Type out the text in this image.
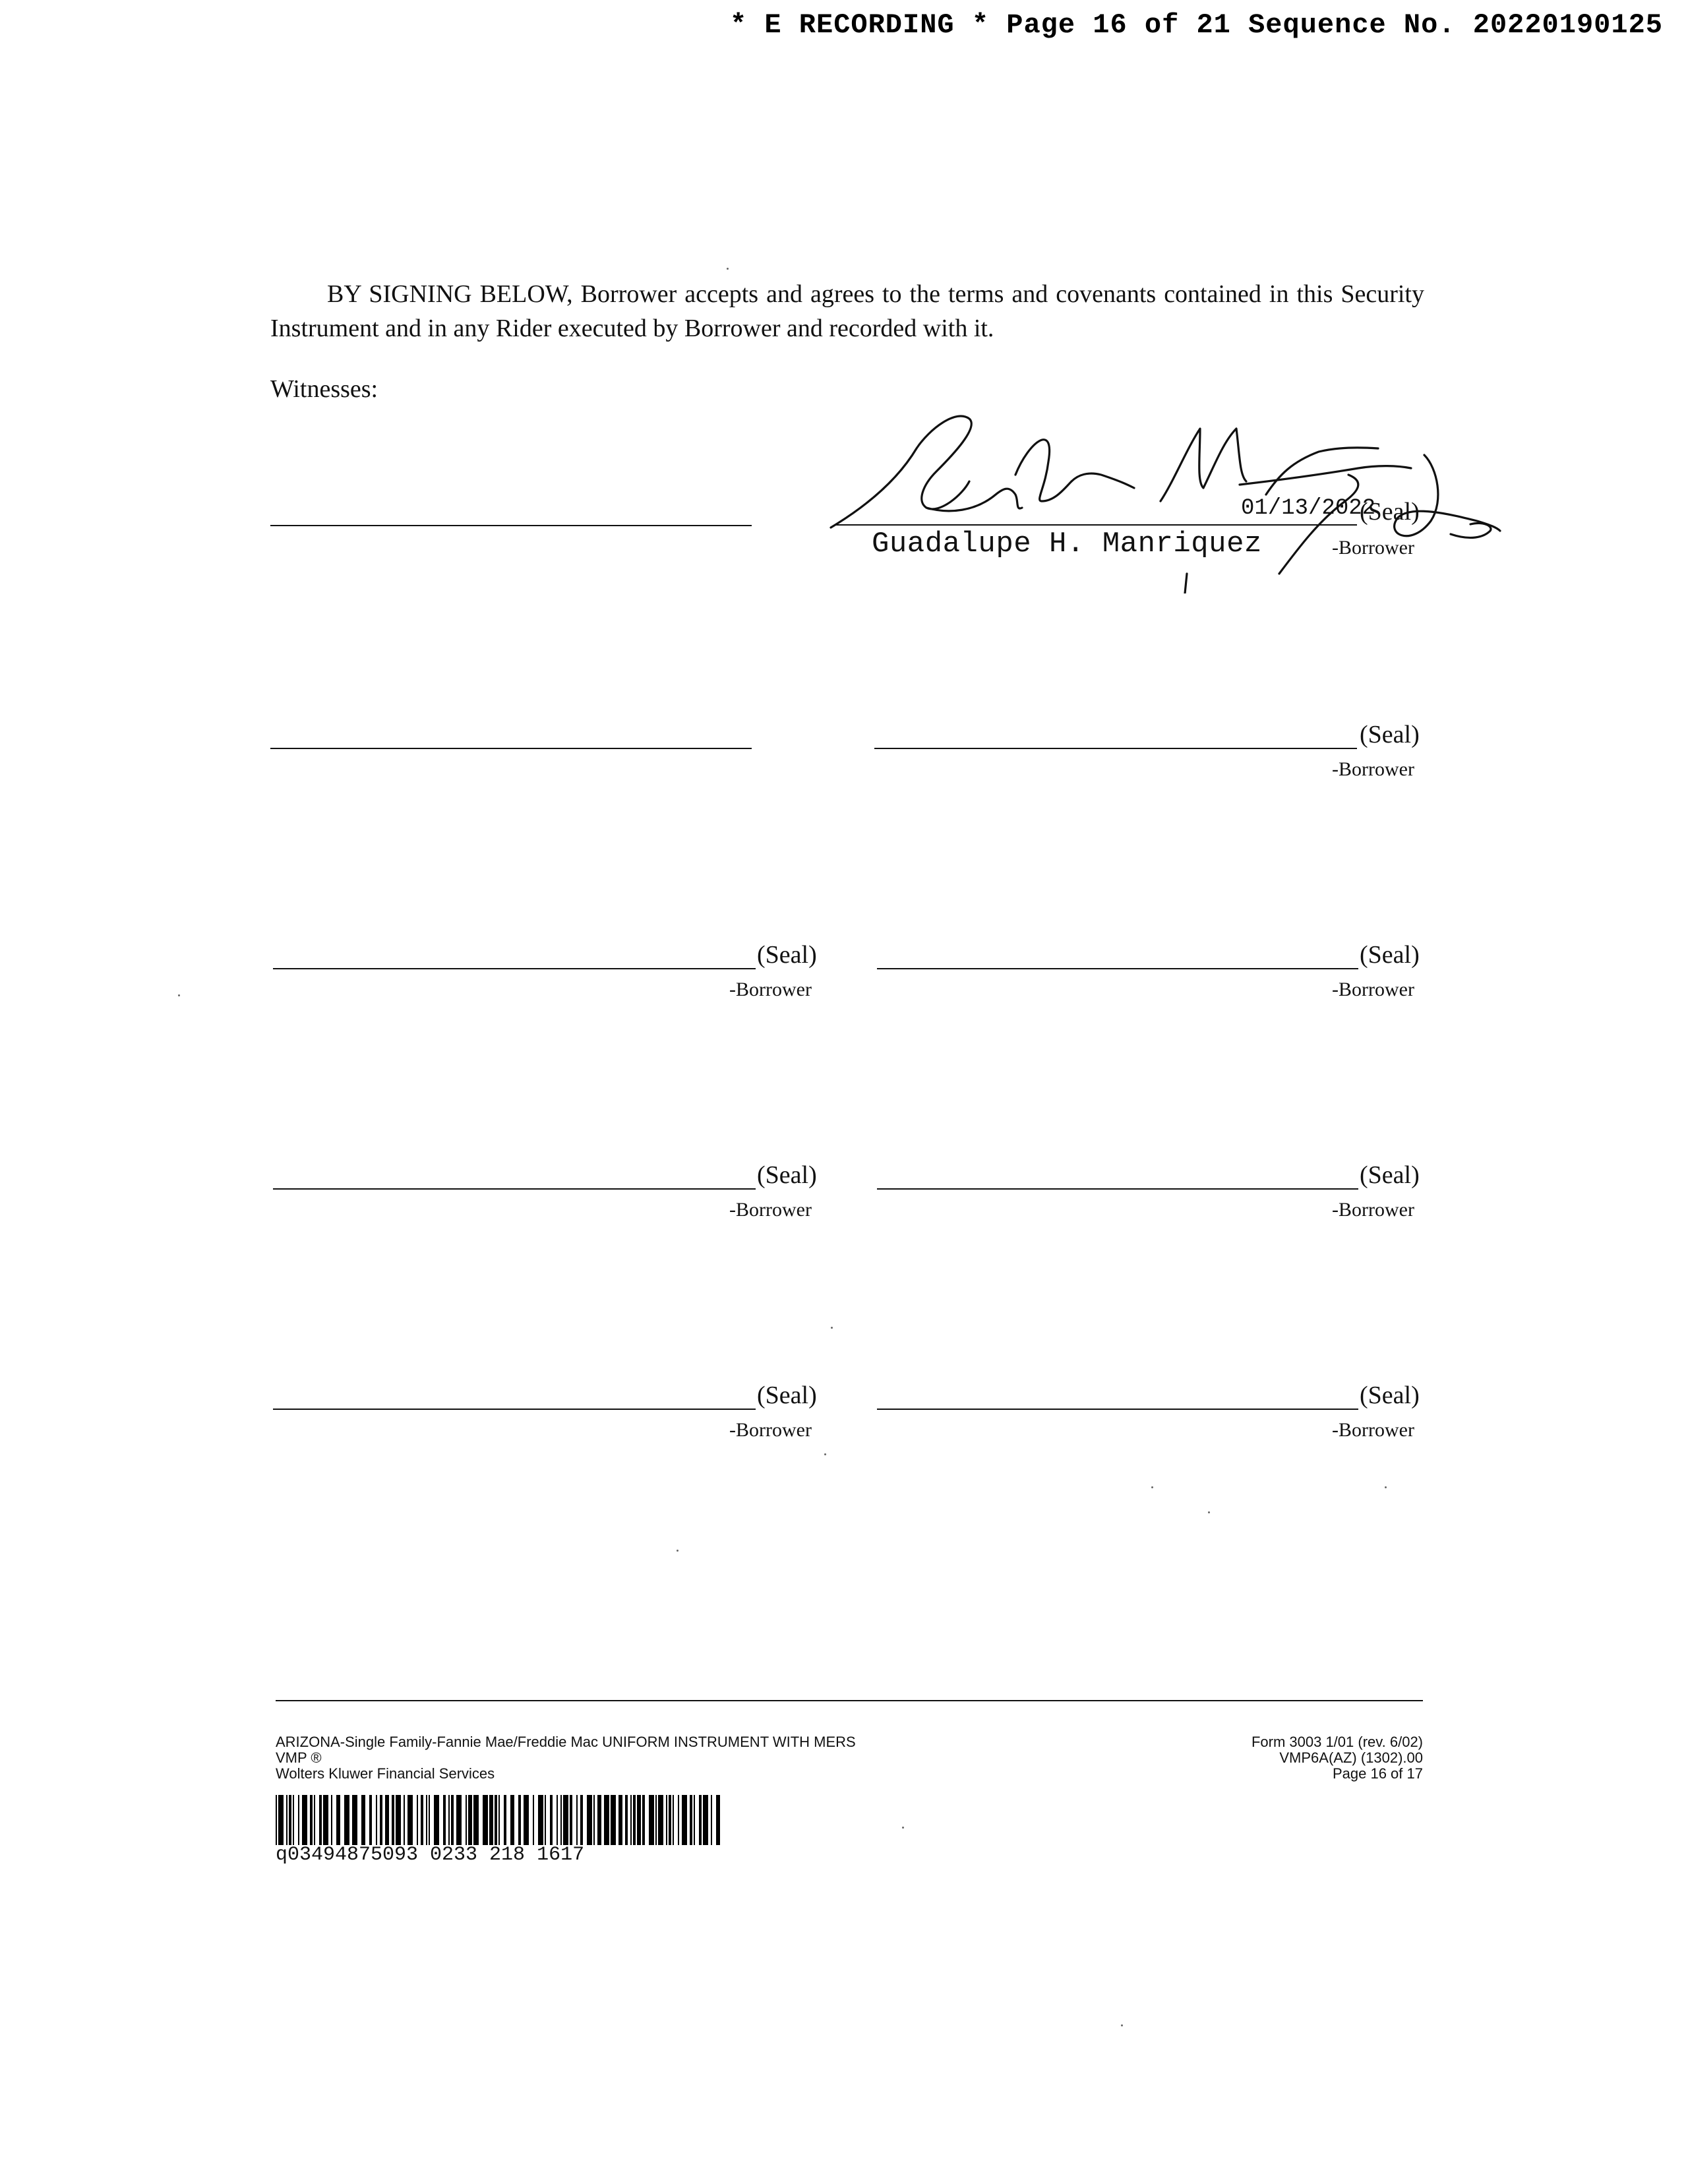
* E RECORDING * Page 16 of 21 Sequence No. 20220190125

BY SIGNING BELOW, Borrower accepts and agrees to the terms and covenants contained in this Security Instrument and in any Rider executed by Borrower and recorded with it.

Witnesses:
01/13/2022
(Seal)
Guadalupe H. Manriquez	-Borrower
(Seal)
-Borrower
(Seal)
-Borrower
(Seal)
-Borrower
(Seal)
-Borrower
(Seal)
-Borrower
(Seal)
-Borrower
(Seal)
-Borrower
ARIZONA-Single Family-Fannie Mae/Freddie Mac UNIFORM INSTRUMENT WITH MERS
VMP ®
Wolters Kluwer Financial Services
Form 3003 1/01 (rev. 6/02)
VMP6A(AZ) (1302).00
Page 16 of 17
q03494875093 0233 218 1617
